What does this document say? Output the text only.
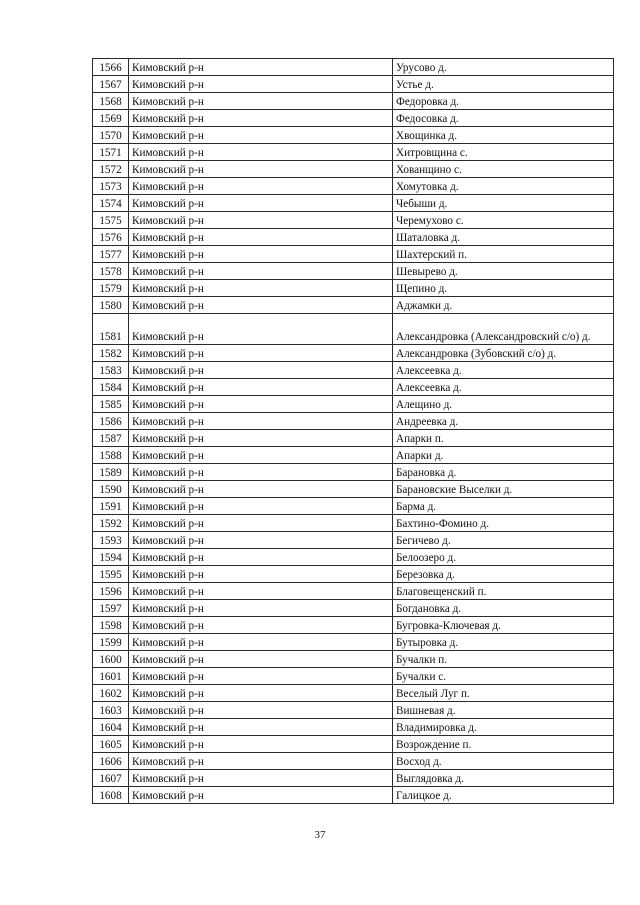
1566	Кимовский р-н	Урусово д.
1567	Кимовский р-н	Устье д.
1568	Кимовский р-н	Федоровка д.
1569	Кимовский р-н	Федосовка д.
1570	Кимовский р-н	Хвощинка д.
1571	Кимовский р-н	Хитровщина с.
1572	Кимовский р-н	Хованщино с.
1573	Кимовский р-н	Хомутовка д.
1574	Кимовский р-н	Чебыши д.
1575	Кимовский р-н	Черемухово с.
1576	Кимовский р-н	Шаталовка д.
1577	Кимовский р-н	Шахтерский п.
1578	Кимовский р-н	Шевырево д.
1579	Кимовский р-н	Щепино д.
1580	Кимовский р-н	Аджамки д.
1581	Кимовский р-н	Александровка (Александровский с/о) д.
1582	Кимовский р-н	Александровка (Зубовский с/о) д.
1583	Кимовский р-н	Алексеевка д.
1584	Кимовский р-н	Алексеевка д.
1585	Кимовский р-н	Алещино д.
1586	Кимовский р-н	Андреевка д.
1587	Кимовский р-н	Апарки п.
1588	Кимовский р-н	Апарки д.
1589	Кимовский р-н	Барановка д.
1590	Кимовский р-н	Барановские Выселки д.
1591	Кимовский р-н	Барма д.
1592	Кимовский р-н	Бахтино-Фомино д.
1593	Кимовский р-н	Бегичево д.
1594	Кимовский р-н	Белоозеро д.
1595	Кимовский р-н	Березовка д.
1596	Кимовский р-н	Благовещенский п.
1597	Кимовский р-н	Богдановка д.
1598	Кимовский р-н	Бугровка-Ключевая д.
1599	Кимовский р-н	Бутыровка д.
1600	Кимовский р-н	Бучалки п.
1601	Кимовский р-н	Бучалки с.
1602	Кимовский р-н	Веселый Луг п.
1603	Кимовский р-н	Вишневая д.
1604	Кимовский р-н	Владимировка д.
1605	Кимовский р-н	Возрождение п.
1606	Кимовский р-н	Восход д.
1607	Кимовский р-н	Выглядовка д.
1608	Кимовский р-н	Галицкое д.
37
